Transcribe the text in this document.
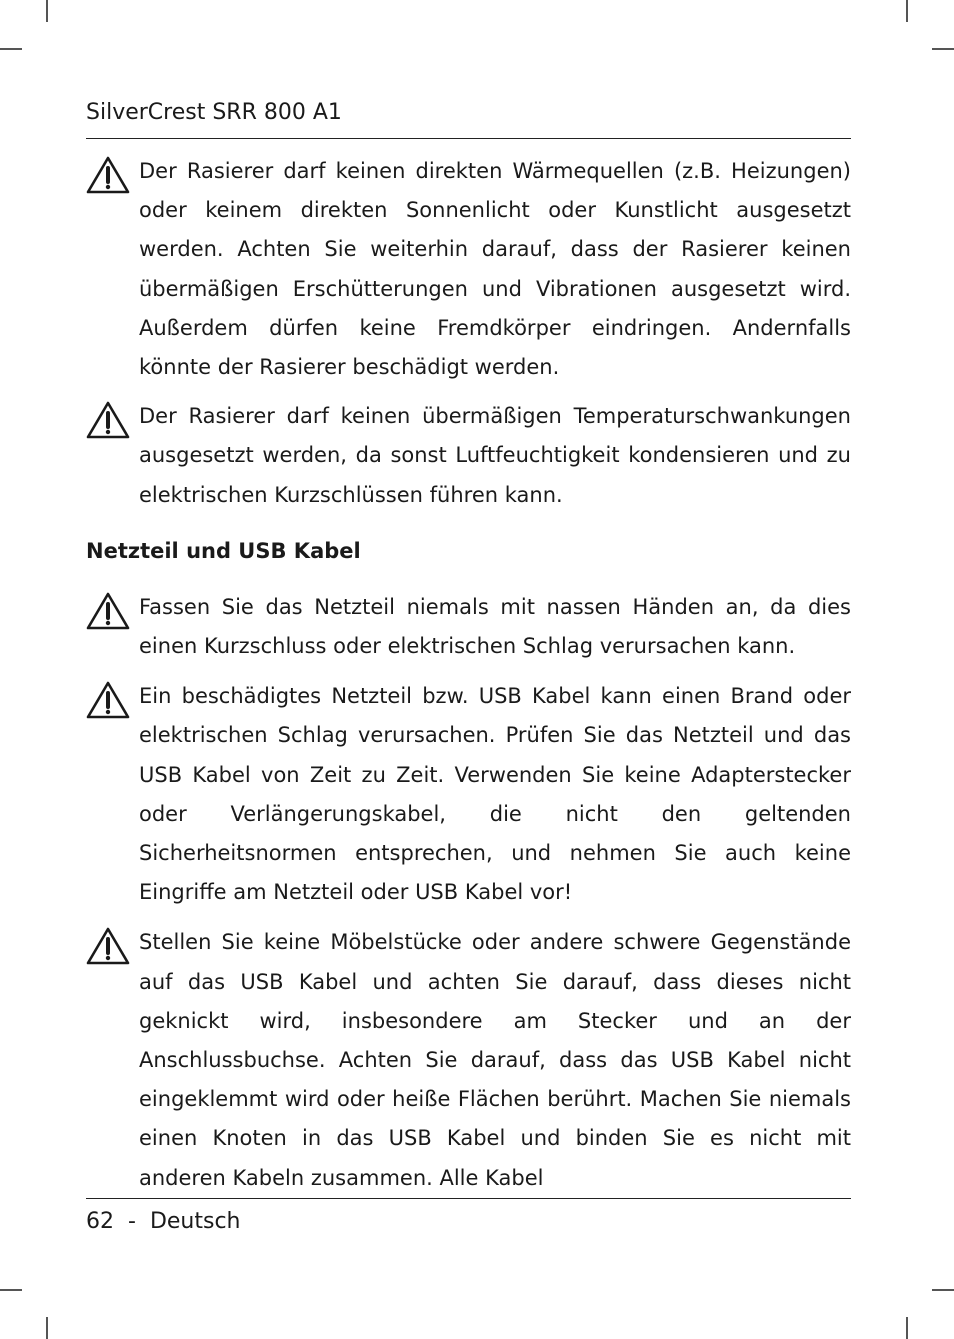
SilverCrest SRR 800 A1

Der Rasierer darf keinen direkten Wärmequellen (z.B. Heizungen) oder keinem direkten Sonnenlicht oder Kunstlicht ausgesetzt werden. Achten Sie weiterhin darauf, dass der Rasierer keinen übermäßigen Erschütterungen und Vibrationen ausgesetzt wird. Außerdem dürfen keine Fremdkörper eindringen. Andernfalls könnte der Rasierer beschädigt werden.

Der Rasierer darf keinen übermäßigen Temperaturschwankungen ausgesetzt werden, da sonst Luftfeuchtigkeit kondensieren und zu elektrischen Kurzschlüssen führen kann.

Netzteil und USB Kabel

Fassen Sie das Netzteil niemals mit nassen Händen an, da dies einen Kurzschluss oder elektrischen Schlag verursachen kann.

Ein beschädigtes Netzteil bzw. USB Kabel kann einen Brand oder elektrischen Schlag verursachen. Prüfen Sie das Netzteil und das USB Kabel von Zeit zu Zeit. Verwenden Sie keine Adapterstecker oder Verlängerungskabel, die nicht den geltenden Sicherheitsnormen entsprechen, und nehmen Sie auch keine Eingriffe am Netzteil oder USB Kabel vor!

Stellen Sie keine Möbelstücke oder andere schwere Gegenstände auf das USB Kabel und achten Sie darauf, dass dieses nicht geknickt wird, insbesondere am Stecker und an der Anschlussbuchse. Achten Sie darauf, dass das USB Kabel nicht eingeklemmt wird oder heiße Flächen berührt. Machen Sie niemals einen Knoten in das USB Kabel und binden Sie es nicht mit anderen Kabeln zusammen. Alle Kabel

62 - Deutsch
